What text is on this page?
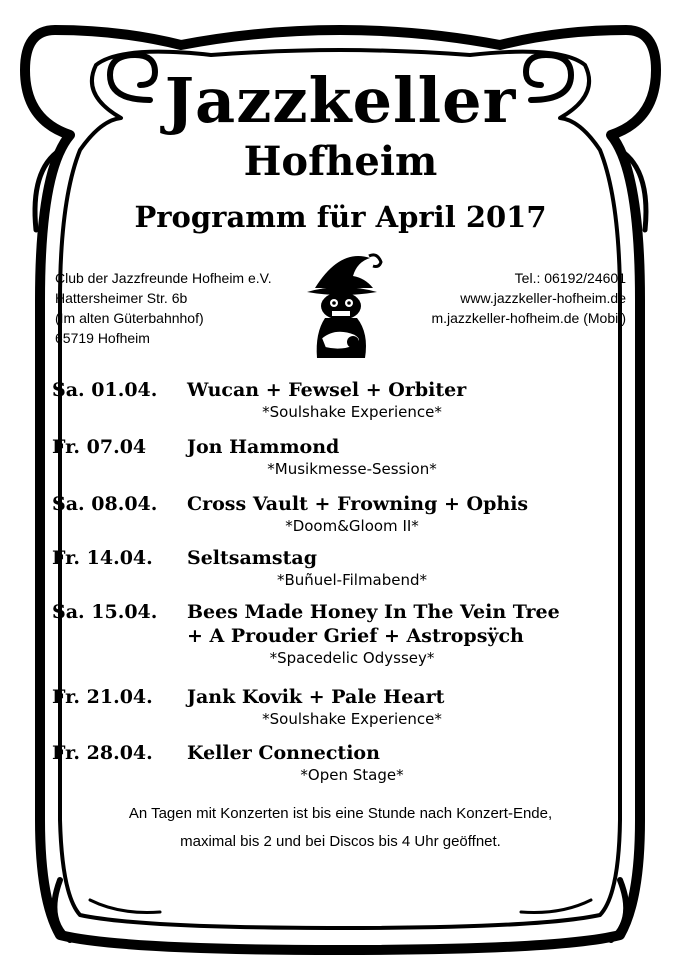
Jazzkeller
Hofheim
Programm für April 2017
Club der Jazzfreunde Hofheim e.V.
Hattersheimer Str. 6b
(Im alten Güterbahnhof)
65719 Hofheim
Tel.: 06192/24601
www.jazzkeller-hofheim.de
m.jazzkeller-hofheim.de (Mobil)
Sa. 01.04. Wucan + Fewsel + Orbiter
*Soulshake Experience*
Fr. 07.04 Jon Hammond
*Musikmesse-Session*
Sa. 08.04. Cross Vault + Frowning + Ophis
*Doom&Gloom II*
Fr. 14.04. Seltsamstag
*Buñuel-Filmabend*
Sa. 15.04. Bees Made Honey In The Vein Tree
+ A Prouder Grief + Astropsÿch
*Spacedelic Odyssey*
Fr. 21.04. Jank Kovik + Pale Heart
*Soulshake Experience*
Fr. 28.04. Keller Connection
*Open Stage*
An Tagen mit Konzerten ist bis eine Stunde nach Konzert-Ende,
maximal bis 2 und bei Discos bis 4 Uhr geöffnet.
